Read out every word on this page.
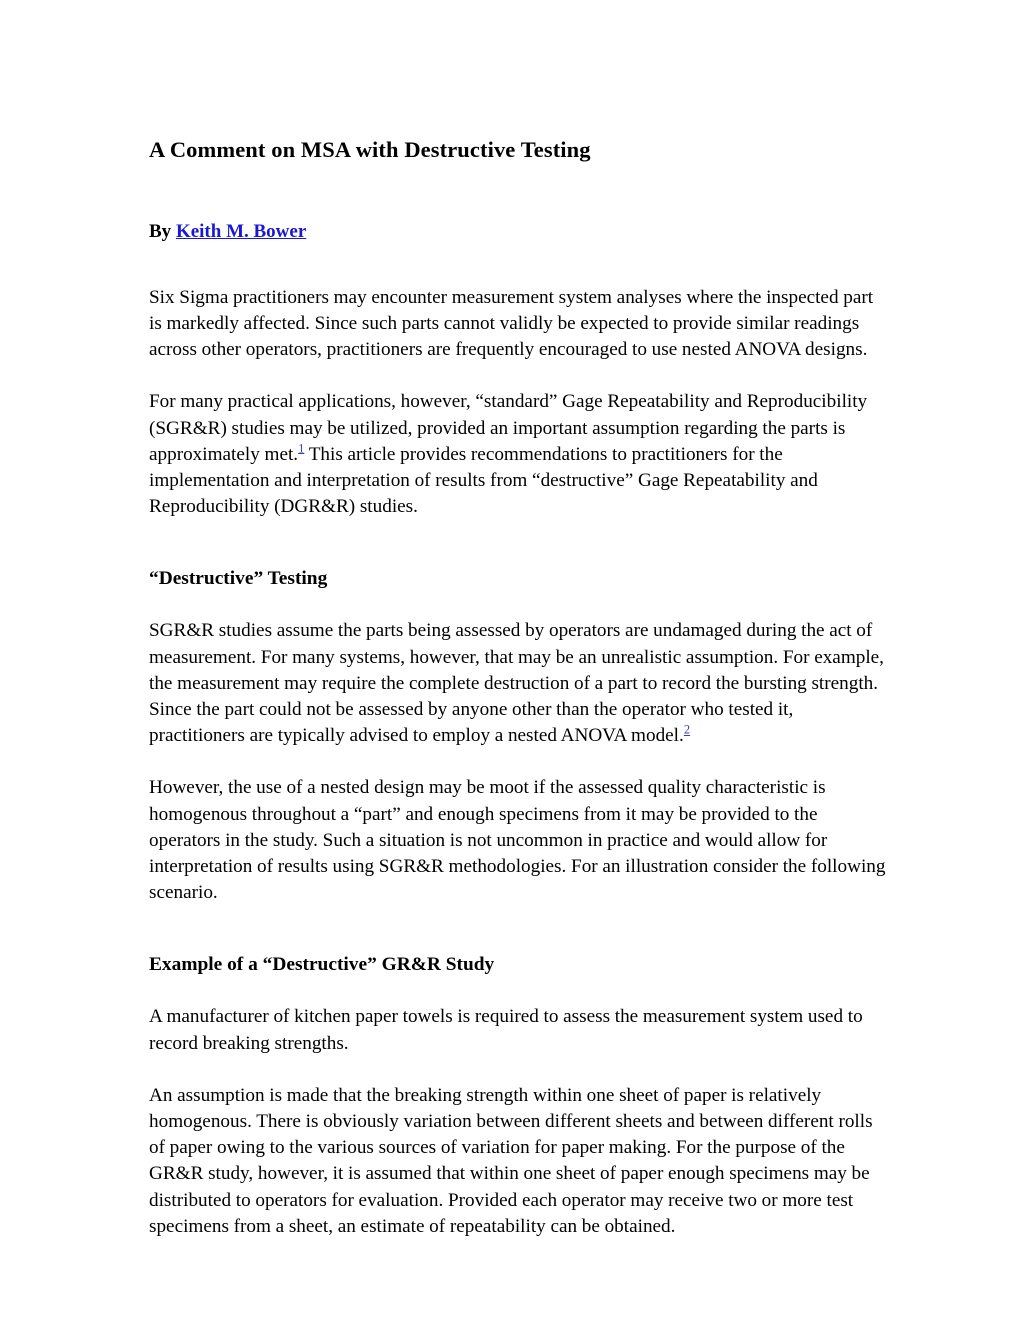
A Comment on MSA with Destructive Testing

By Keith M. Bower

Six Sigma practitioners may encounter measurement system analyses where the inspected part is markedly affected. Since such parts cannot validly be expected to provide similar readings across other operators, practitioners are frequently encouraged to use nested ANOVA designs.

For many practical applications, however, “standard” Gage Repeatability and Reproducibility (SGR&R) studies may be utilized, provided an important assumption regarding the parts is approximately met.$^1$ This article provides recommendations to practitioners for the implementation and interpretation of results from “destructive” Gage Repeatability and Reproducibility (DGR&R) studies.

“Destructive” Testing

SGR&R studies assume the parts being assessed by operators are undamaged during the act of measurement. For many systems, however, that may be an unrealistic assumption. For example, the measurement may require the complete destruction of a part to record the bursting strength. Since the part could not be assessed by anyone other than the operator who tested it, practitioners are typically advised to employ a nested ANOVA model.$^2$

However, the use of a nested design may be moot if the assessed quality characteristic is homogenous throughout a “part” and enough specimens from it may be provided to the operators in the study. Such a situation is not uncommon in practice and would allow for interpretation of results using SGR&R methodologies. For an illustration consider the following scenario.

Example of a “Destructive” GR&R Study

A manufacturer of kitchen paper towels is required to assess the measurement system used to record breaking strengths.

An assumption is made that the breaking strength within one sheet of paper is relatively homogenous. There is obviously variation between different sheets and between different rolls of paper owing to the various sources of variation for paper making. For the purpose of the GR&R study, however, it is assumed that within one sheet of paper enough specimens may be distributed to operators for evaluation. Provided each operator may receive two or more test specimens from a sheet, an estimate of repeatability can be obtained.
